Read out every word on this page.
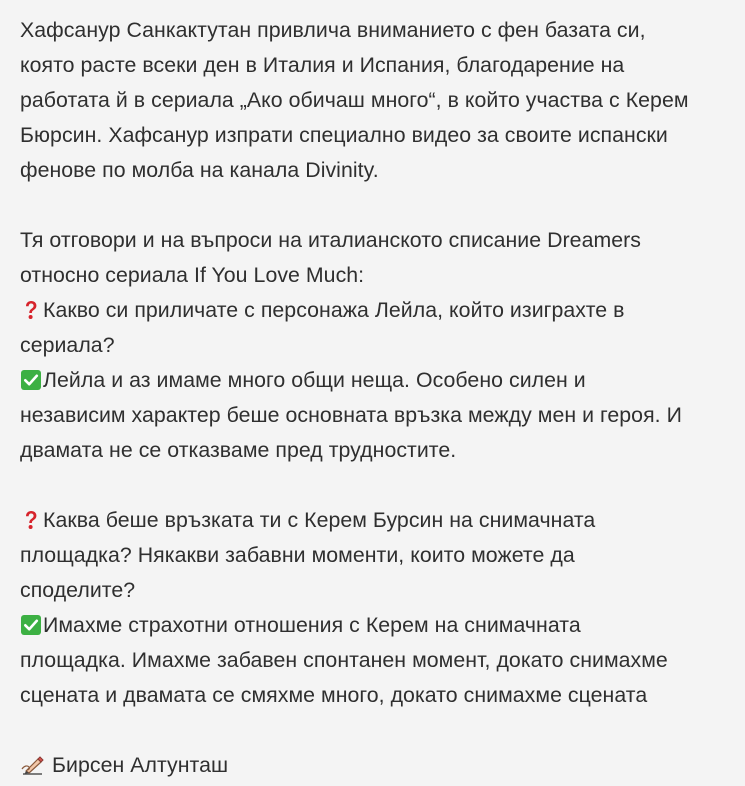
Хафсанур Санкактутан привлича вниманието с фен базата си,
която расте всеки ден в Италия и Испания, благодарение на
работата й в сериала „Ако обичаш много“, в който участва с Керем
Бюрсин. Хафсанур изпрати специално видео за своите испански
фенове по молба на канала Divinity.
Тя отговори и на въпроси на италианското списание Dreamers
относно сериала If You Love Much:
Какво си приличате с персонажа Лейла, който изиграхте в
сериала?
Лейла и аз имаме много общи неща. Особено силен и
независим характер беше основната връзка между мен и героя. И
двамата не се отказваме пред трудностите.
Каква беше връзката ти с Керем Бурсин на снимачната
площадка? Някакви забавни моменти, които можете да
споделите?
Имахме страхотни отношения с Керем на снимачната
площадка. Имахме забавен спонтанен момент, докато снимахме
сцената и двамата се смяхме много, докато снимахме сцената
Бирсен Алтунташ
